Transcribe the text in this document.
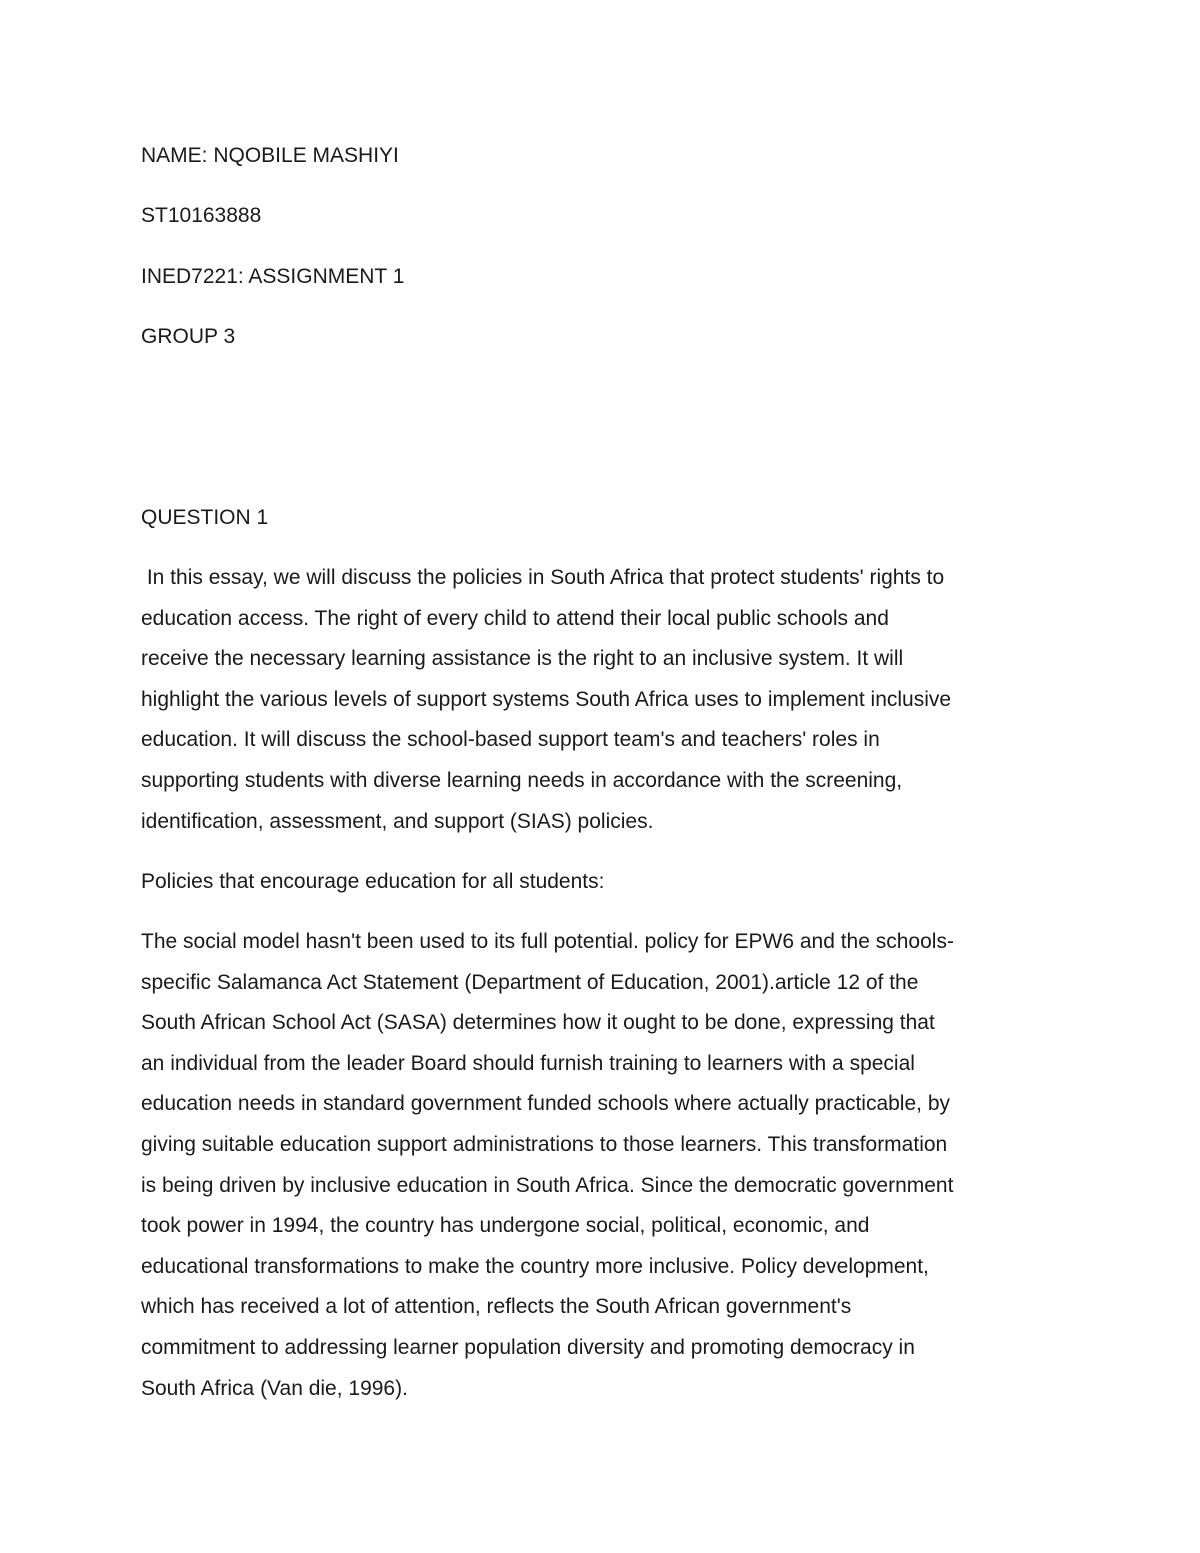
NAME: NQOBILE MASHIYI

ST10163888

INED7221: ASSIGNMENT 1

GROUP 3

QUESTION 1

In this essay, we will discuss the policies in South Africa that protect students' rights to
education access. The right of every child to attend their local public schools and
receive the necessary learning assistance is the right to an inclusive system. It will
highlight the various levels of support systems South Africa uses to implement inclusive
education. It will discuss the school-based support team's and teachers' roles in
supporting students with diverse learning needs in accordance with the screening,
identification, assessment, and support (SIAS) policies.
Policies that encourage education for all students:
The social model hasn't been used to its full potential. policy for EPW6 and the schools-
specific Salamanca Act Statement (Department of Education, 2001).article 12 of the
South African School Act (SASA) determines how it ought to be done, expressing that
an individual from the leader Board should furnish training to learners with a special
education needs in standard government funded schools where actually practicable, by
giving suitable education support administrations to those learners. This transformation
is being driven by inclusive education in South Africa. Since the democratic government
took power in 1994, the country has undergone social, political, economic, and
educational transformations to make the country more inclusive. Policy development,
which has received a lot of attention, reflects the South African government's
commitment to addressing learner population diversity and promoting democracy in
South Africa (Van die, 1996).
